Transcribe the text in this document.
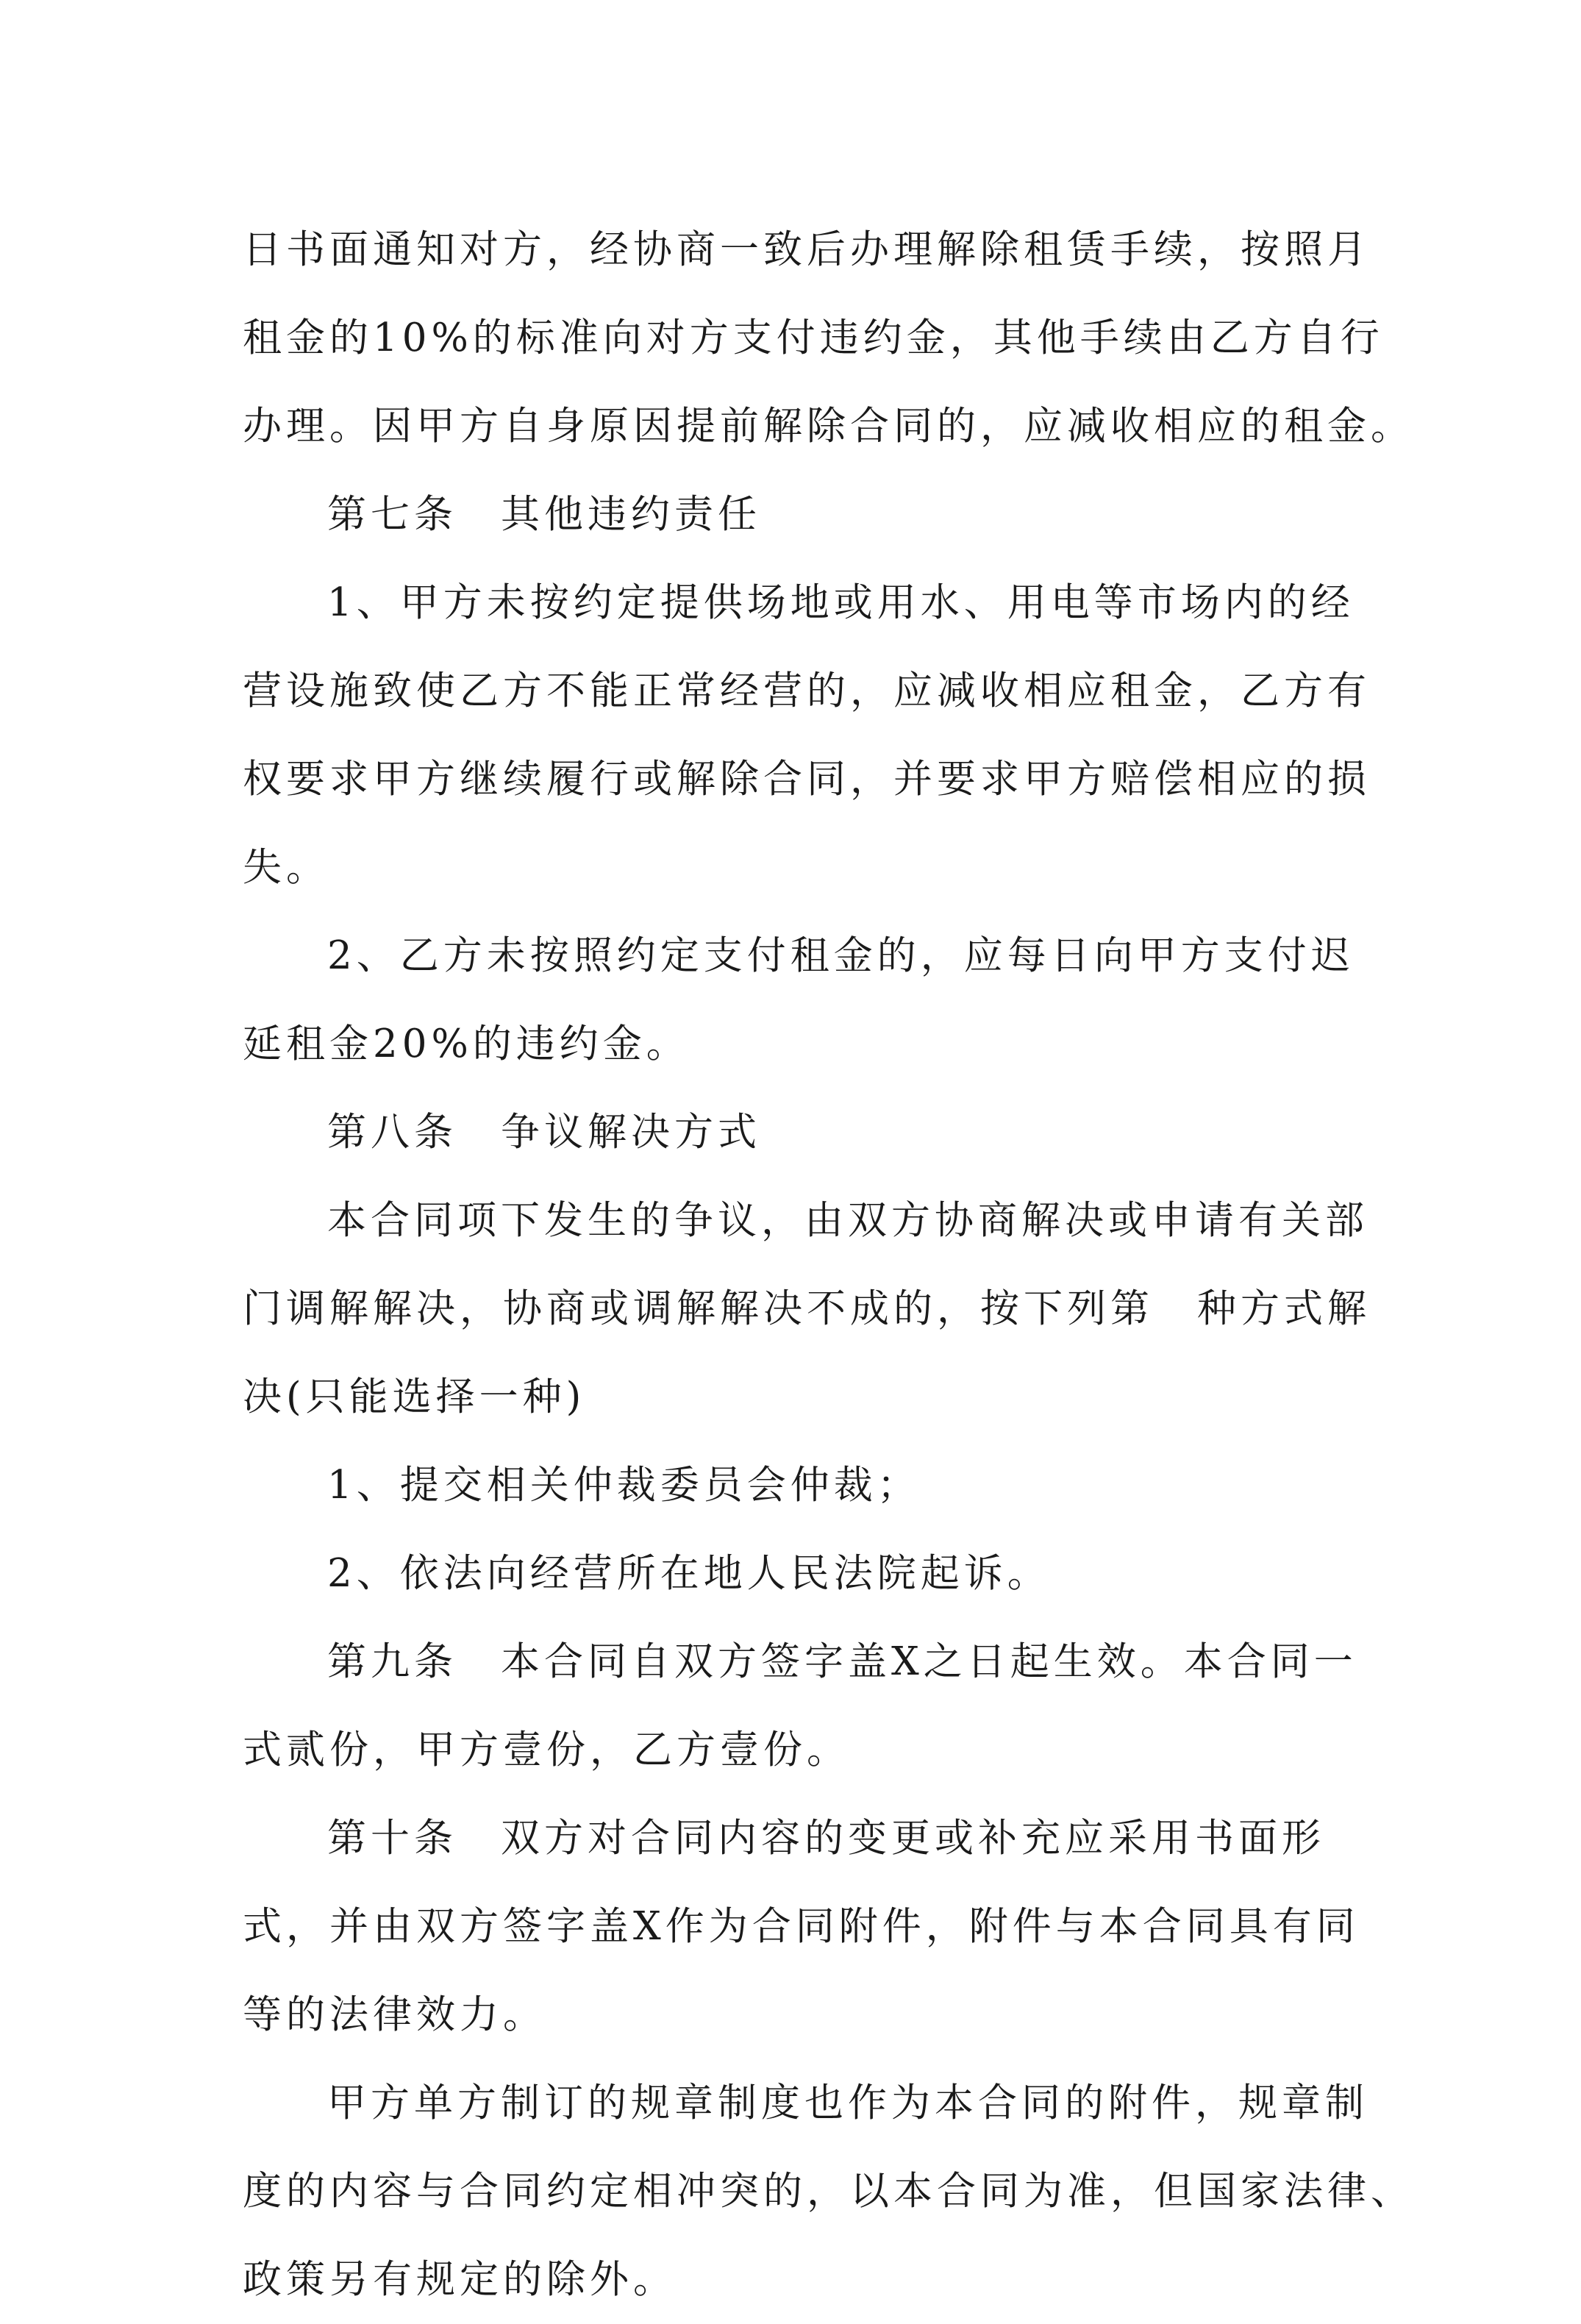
日书面通知对方，经协商一致后办理解除租赁手续，按照月
租金的10%的标准向对方支付违约金，其他手续由乙方自行
办理。因甲方自身原因提前解除合同的，应减收相应的租金。
第七条　其他违约责任
1、甲方未按约定提供场地或用水、用电等市场内的经
营设施致使乙方不能正常经营的，应减收相应租金，乙方有
权要求甲方继续履行或解除合同，并要求甲方赔偿相应的损
失。
2、乙方未按照约定支付租金的，应每日向甲方支付迟
延租金20%的违约金。
第八条　争议解决方式
本合同项下发生的争议，由双方协商解决或申请有关部
门调解解决，协商或调解解决不成的，按下列第　种方式解
决(只能选择一种)
1、提交相关仲裁委员会仲裁；
2、依法向经营所在地人民法院起诉。
第九条　本合同自双方签字盖X之日起生效。本合同一
式贰份，甲方壹份，乙方壹份。
第十条　双方对合同内容的变更或补充应采用书面形
式，并由双方签字盖X作为合同附件，附件与本合同具有同
等的法律效力。
甲方单方制订的规章制度也作为本合同的附件，规章制
度的内容与合同约定相冲突的，以本合同为准，但国家法律、
政策另有规定的除外。
